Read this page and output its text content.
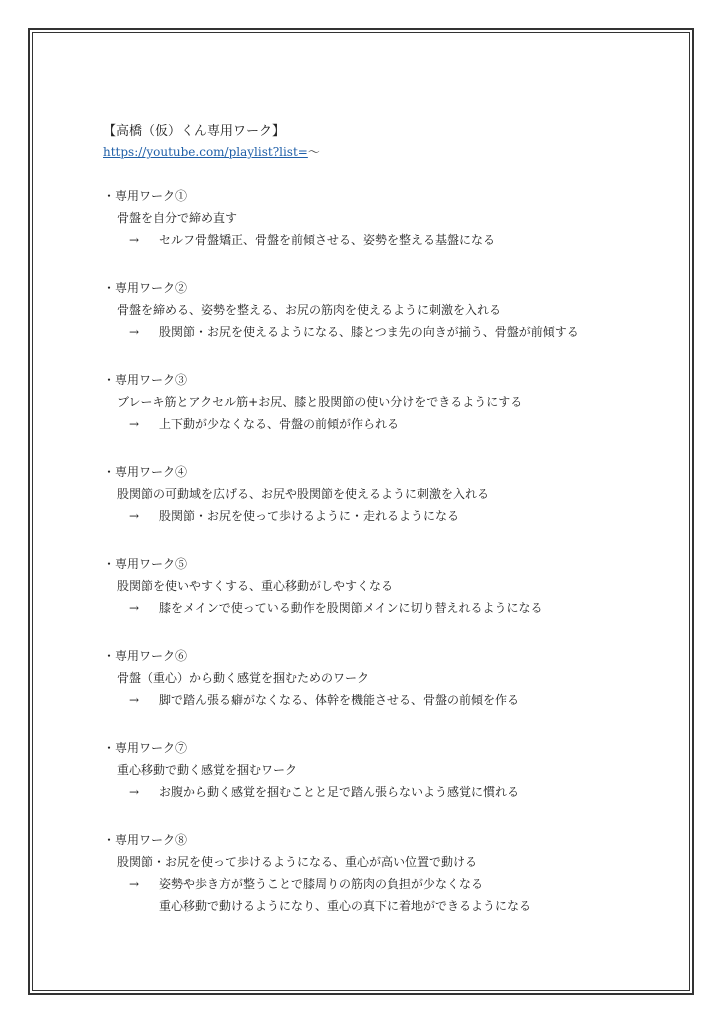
【高橋（仮）くん専用ワーク】
https://youtube.com/playlist?list=〜
・専用ワーク①
骨盤を自分で締め直す
→	セルフ骨盤矯正、骨盤を前傾させる、姿勢を整える基盤になる
・専用ワーク②
骨盤を締める、姿勢を整える、お尻の筋肉を使えるように刺激を入れる
→	股関節・お尻を使えるようになる、膝とつま先の向きが揃う、骨盤が前傾する
・専用ワーク③
ブレーキ筋とアクセル筋+お尻、膝と股関節の使い分けをできるようにする
→	上下動が少なくなる、骨盤の前傾が作られる
・専用ワーク④
股関節の可動域を広げる、お尻や股関節を使えるように刺激を入れる
→	股関節・お尻を使って歩けるように・走れるようになる
・専用ワーク⑤
股関節を使いやすくする、重心移動がしやすくなる
→	膝をメインで使っている動作を股関節メインに切り替えれるようになる
・専用ワーク⑥
骨盤（重心）から動く感覚を掴むためのワーク
→	脚で踏ん張る癖がなくなる、体幹を機能させる、骨盤の前傾を作る
・専用ワーク⑦
重心移動で動く感覚を掴むワーク
→	お腹から動く感覚を掴むことと足で踏ん張らないよう感覚に慣れる
・専用ワーク⑧
股関節・お尻を使って歩けるようになる、重心が高い位置で動ける
→	姿勢や歩き方が整うことで膝周りの筋肉の負担が少なくなる
重心移動で動けるようになり、重心の真下に着地ができるようになる
